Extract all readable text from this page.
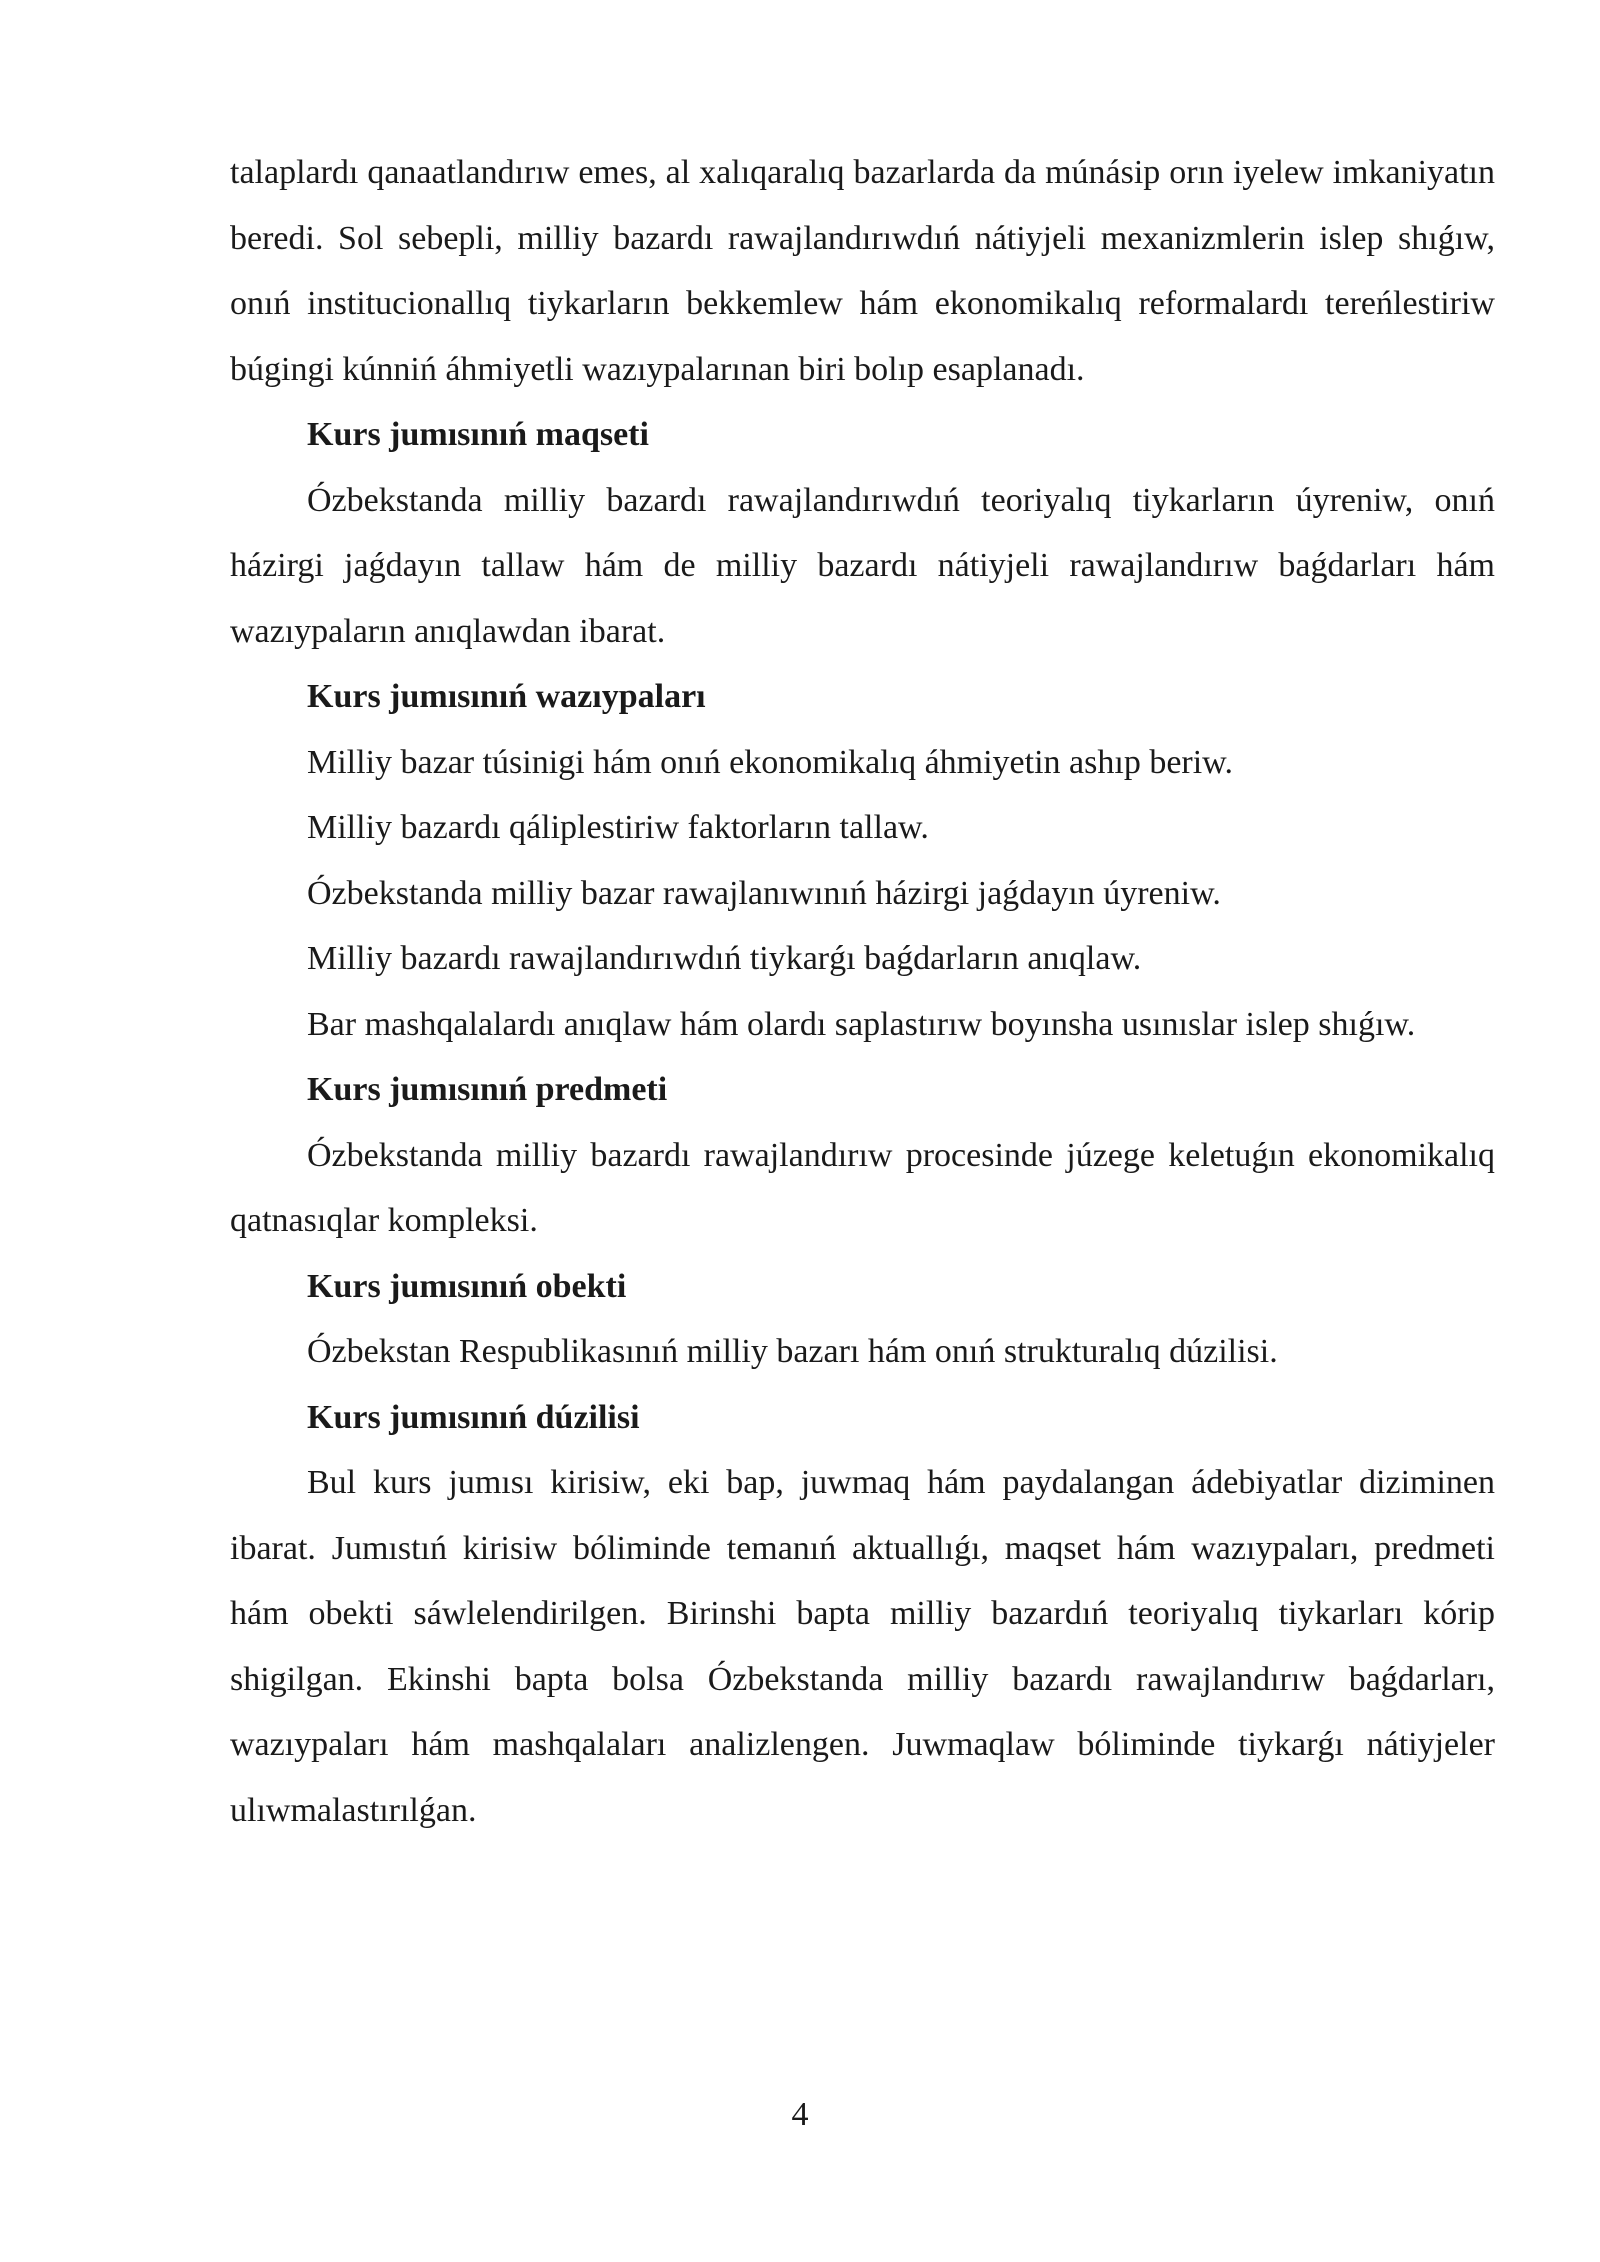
talaplardı qanaatlandırıw emes, al xalıqaralıq bazarlarda da múnásip orın iyelew imkaniyatın beredi. Sol sebepli, milliy bazardı rawajlandırıwdıń nátiyjeli mexanizmlerin islep shıǵıw, onıń institucionallıq tiykarların bekkemlew hám ekonomikalıq reformalardı tereńlestiriw búgingi kúnniń áhmiyetli wazıypalarınan biri bolıp esaplanadı.

Kurs jumısınıń maqseti

Ózbekstanda milliy bazardı rawajlandırıwdıń teoriyalıq tiykarların úyreniw, onıń házirgi jaǵdayın tallaw hám de milliy bazardı nátiyjeli rawajlandırıw baǵdarları hám wazıypaların anıqlawdan ibarat.

Kurs jumısınıń wazıypaları

Milliy bazar túsinigi hám onıń ekonomikalıq áhmiyetin ashıp beriw.

Milliy bazardı qáliplestiriw faktorların tallaw.

Ózbekstanda milliy bazar rawajlanıwınıń házirgi jaǵdayın úyreniw.

Milliy bazardı rawajlandırıwdıń tiykarǵı baǵdarların anıqlaw.

Bar mashqalalardı anıqlaw hám olardı saplastırıw boyınsha usınıslar islep shıǵıw.

Kurs jumısınıń predmeti

Ózbekstanda milliy bazardı rawajlandırıw procesinde júzege keletuǵın ekonomikalıq qatnasıqlar kompleksi.

Kurs jumısınıń obekti

Ózbekstan Respublikasınıń milliy bazarı hám onıń strukturalıq dúzilisi.

Kurs jumısınıń dúzilisi

Bul kurs jumısı kirisiw, eki bap, juwmaq hám paydalangan ádebiyatlar diziminen ibarat. Jumıstıń kirisiw bóliminde temanıń aktuallıǵı, maqset hám wazıypaları, predmeti hám obekti sáwlelendirilgen. Birinshi bapta milliy bazardıń teoriyalıq tiykarları kórip shigilgan. Ekinshi bapta bolsa Ózbekstanda milliy bazardı rawajlandırıw baǵdarları, wazıypaları hám mashqalaları analizlengen. Juwmaqlaw bóliminde tiykarǵı nátiyjeler ulıwmalastırılǵan.

4
